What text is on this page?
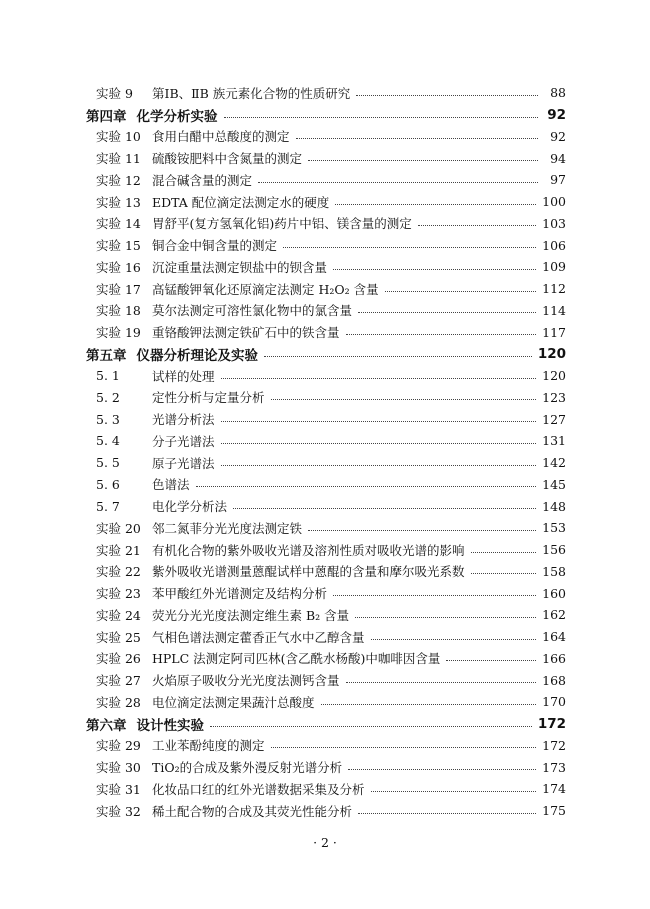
实验 9	第ⅠB、ⅡB 族元素化合物的性质研究	88
第四章 化学分析实验	92
实验 10 食用白醋中总酸度的测定	92
实验 11 硫酸铵肥料中含氮量的测定	94
实验 12 混合碱含量的测定	97
实验 13 EDTA 配位滴定法测定水的硬度	100
实验 14 胃舒平(复方氢氧化铝)药片中铝、镁含量的测定	103
实验 15 铜合金中铜含量的测定	106
实验 16 沉淀重量法测定钡盐中的钡含量	109
实验 17 高锰酸钾氧化还原滴定法测定 H₂O₂ 含量	112
实验 18 莫尔法测定可溶性氯化物中的氯含量	114
实验 19 重铬酸钾法测定铁矿石中的铁含量	117
第五章 仪器分析理论及实验	120
5. 1	试样的处理	120
5. 2	定性分析与定量分析	123
5. 3	光谱分析法	127
5. 4	分子光谱法	131
5. 5	原子光谱法	142
5. 6	色谱法	145
5. 7	电化学分析法	148
实验 20 邻二氮菲分光光度法测定铁	153
实验 21 有机化合物的紫外吸收光谱及溶剂性质对吸收光谱的影响	156
实验 22 紫外吸收光谱测量蒽醌试样中蒽醌的含量和摩尔吸光系数	158
实验 23 苯甲酸红外光谱测定及结构分析	160
实验 24 荧光分光光度法测定维生素 B₂ 含量	162
实验 25 气相色谱法测定藿香正气水中乙醇含量	164
实验 26 HPLC 法测定阿司匹林(含乙酰水杨酸)中咖啡因含量	166
实验 27 火焰原子吸收分光光度法测钙含量	168
实验 28 电位滴定法测定果蔬汁总酸度	170
第六章 设计性实验	172
实验 29 工业苯酚纯度的测定	172
实验 30 TiO₂的合成及紫外漫反射光谱分析	173
实验 31 化妆品口红的红外光谱数据采集及分析	174
实验 32 稀土配合物的合成及其荧光性能分析	175
· 2 ·
